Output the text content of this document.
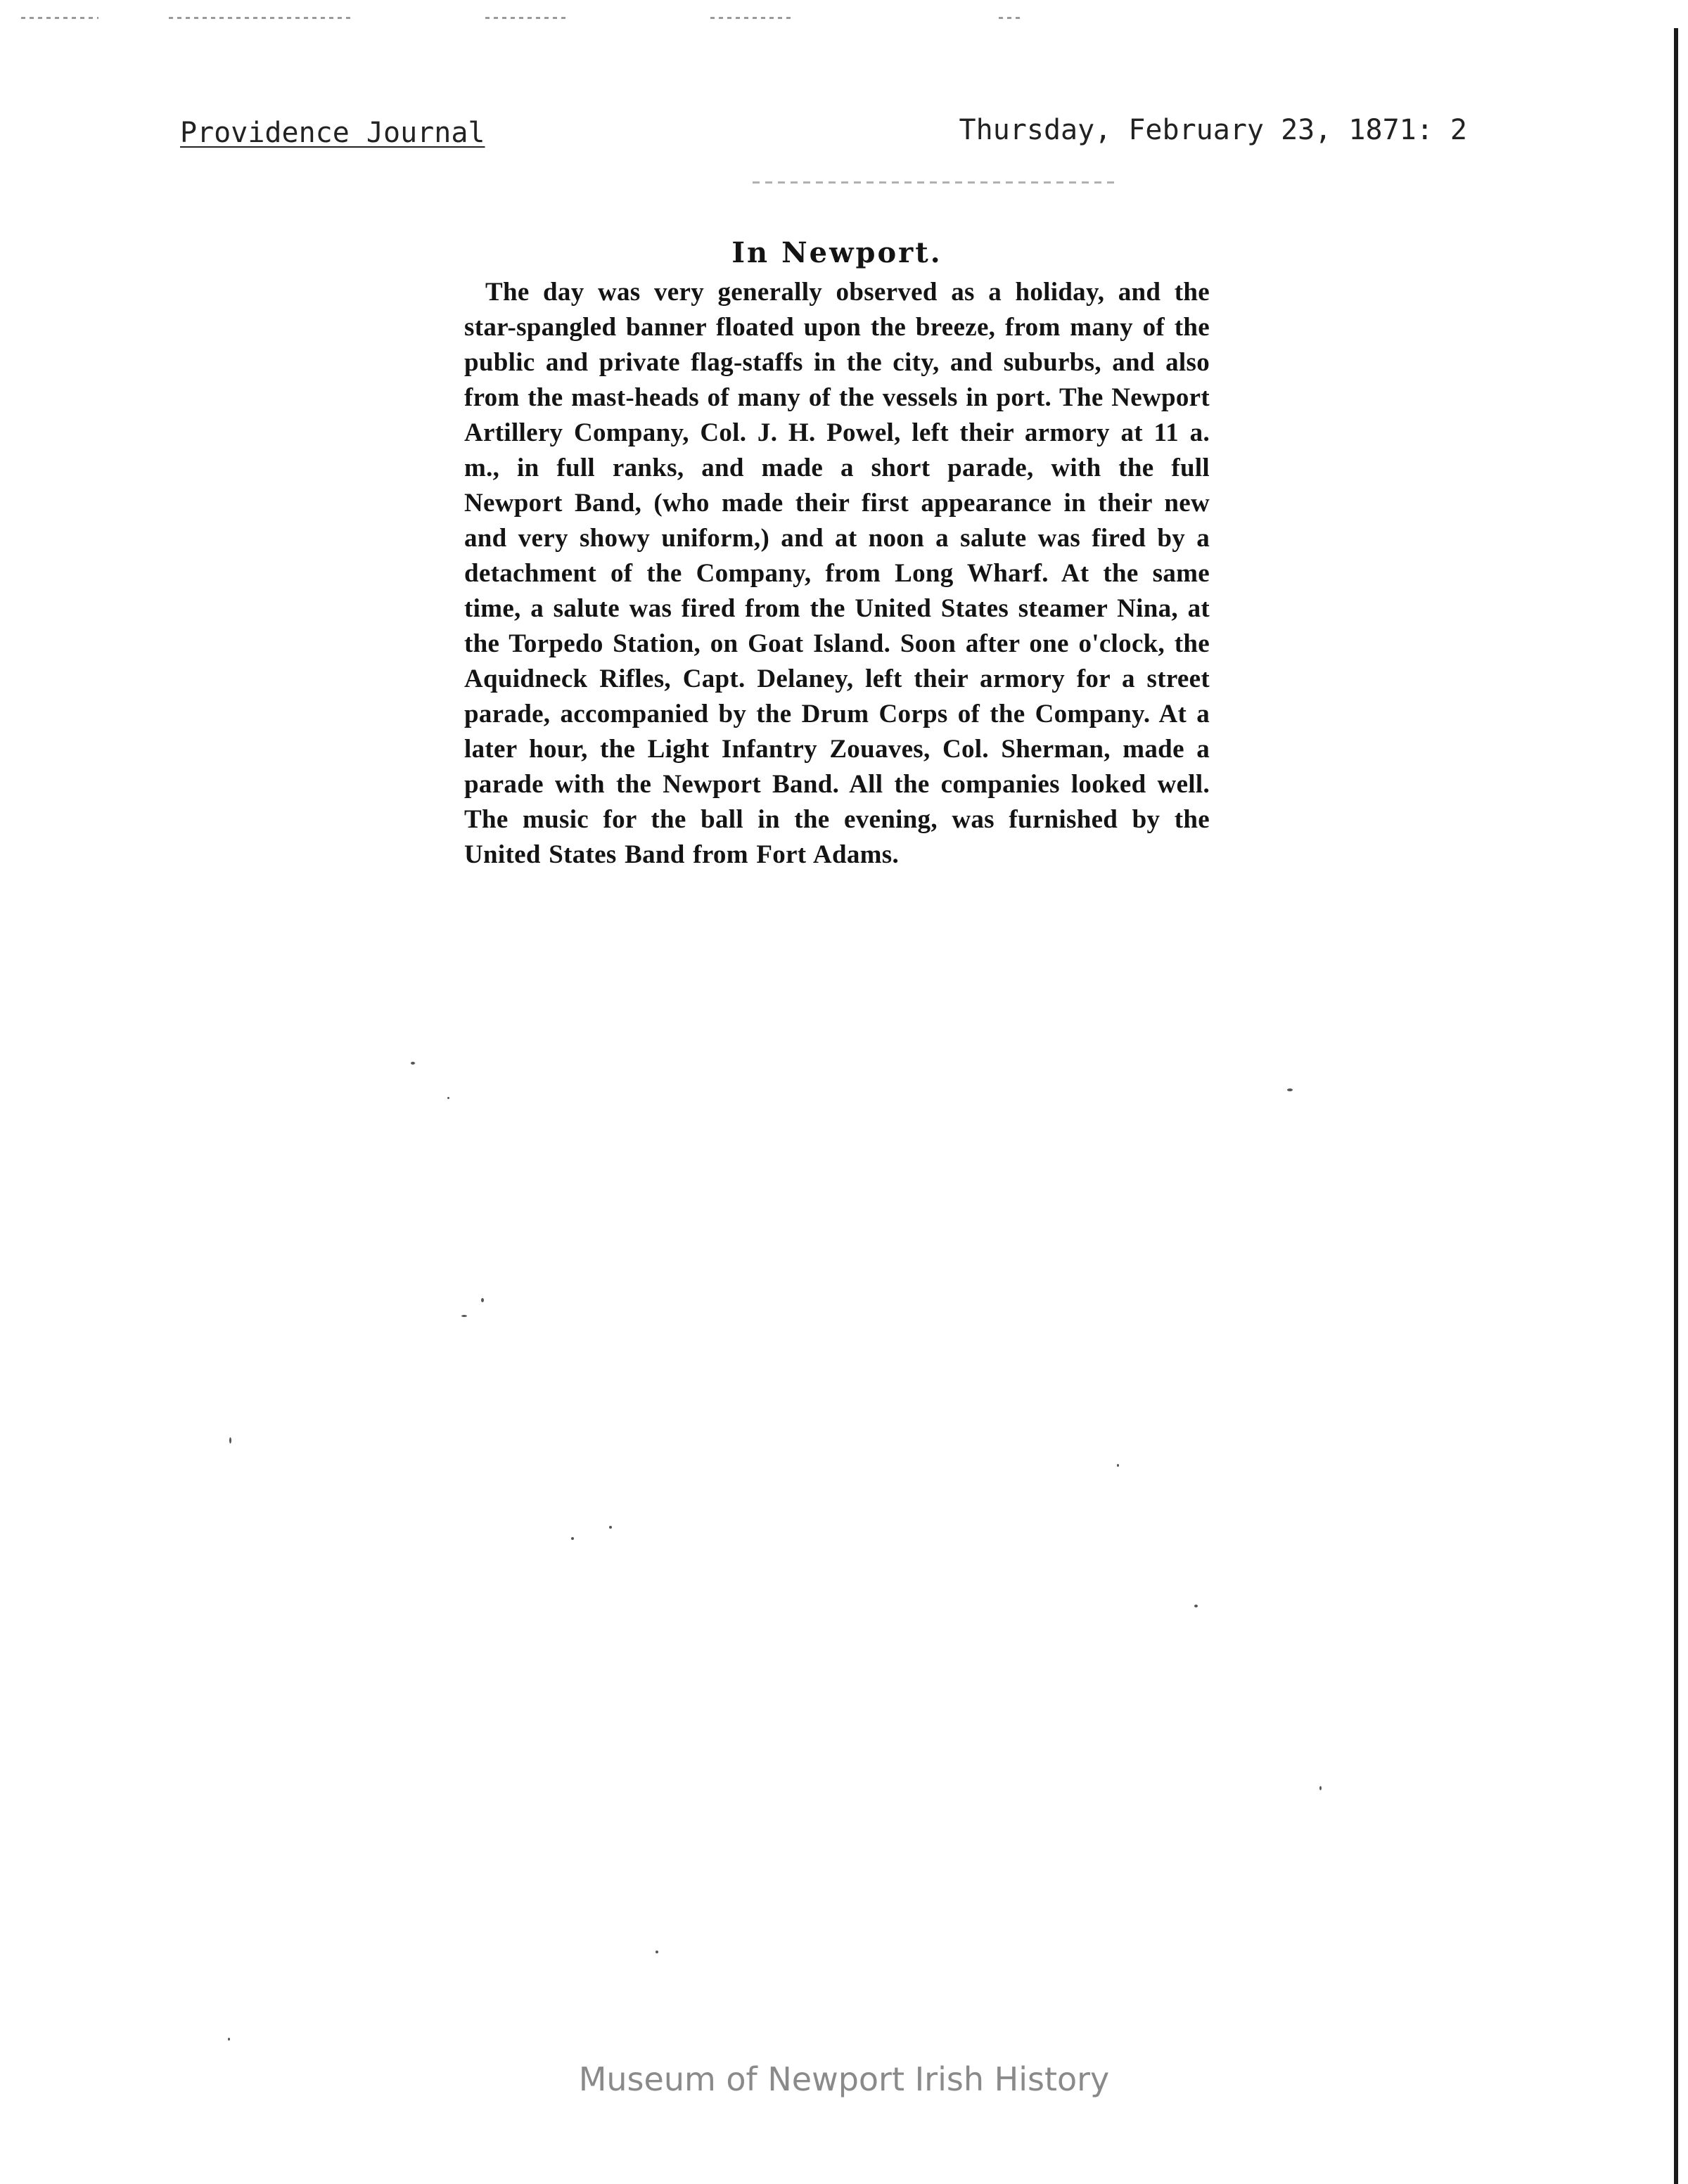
Providence Journal	Thursday, February 23, 1871: 2

In Newport.

The day was very generally observed as a holiday, and the star-spangled banner floated upon the breeze, from many of the public and private flag-staffs in the city, and suburbs, and also from the mast-heads of many of the vessels in port. The Newport Artillery Company, Col. J. H. Powel, left their armory at 11 a. m., in full ranks, and made a short parade, with the full Newport Band, (who made their first appearance in their new and very showy uniform,) and at noon a salute was fired by a detachment of the Company, from Long Wharf. At the same time, a salute was fired from the United States steamer Nina, at the Torpedo Station, on Goat Island. Soon after one o'clock, the Aquidneck Rifles, Capt. Delaney, left their armory for a street parade, accompanied by the Drum Corps of the Company. At a later hour, the Light Infantry Zouaves, Col. Sherman, made a parade with the Newport Band. All the companies looked well. The music for the ball in the evening, was furnished by the United States Band from Fort Adams.

Museum of Newport Irish History
